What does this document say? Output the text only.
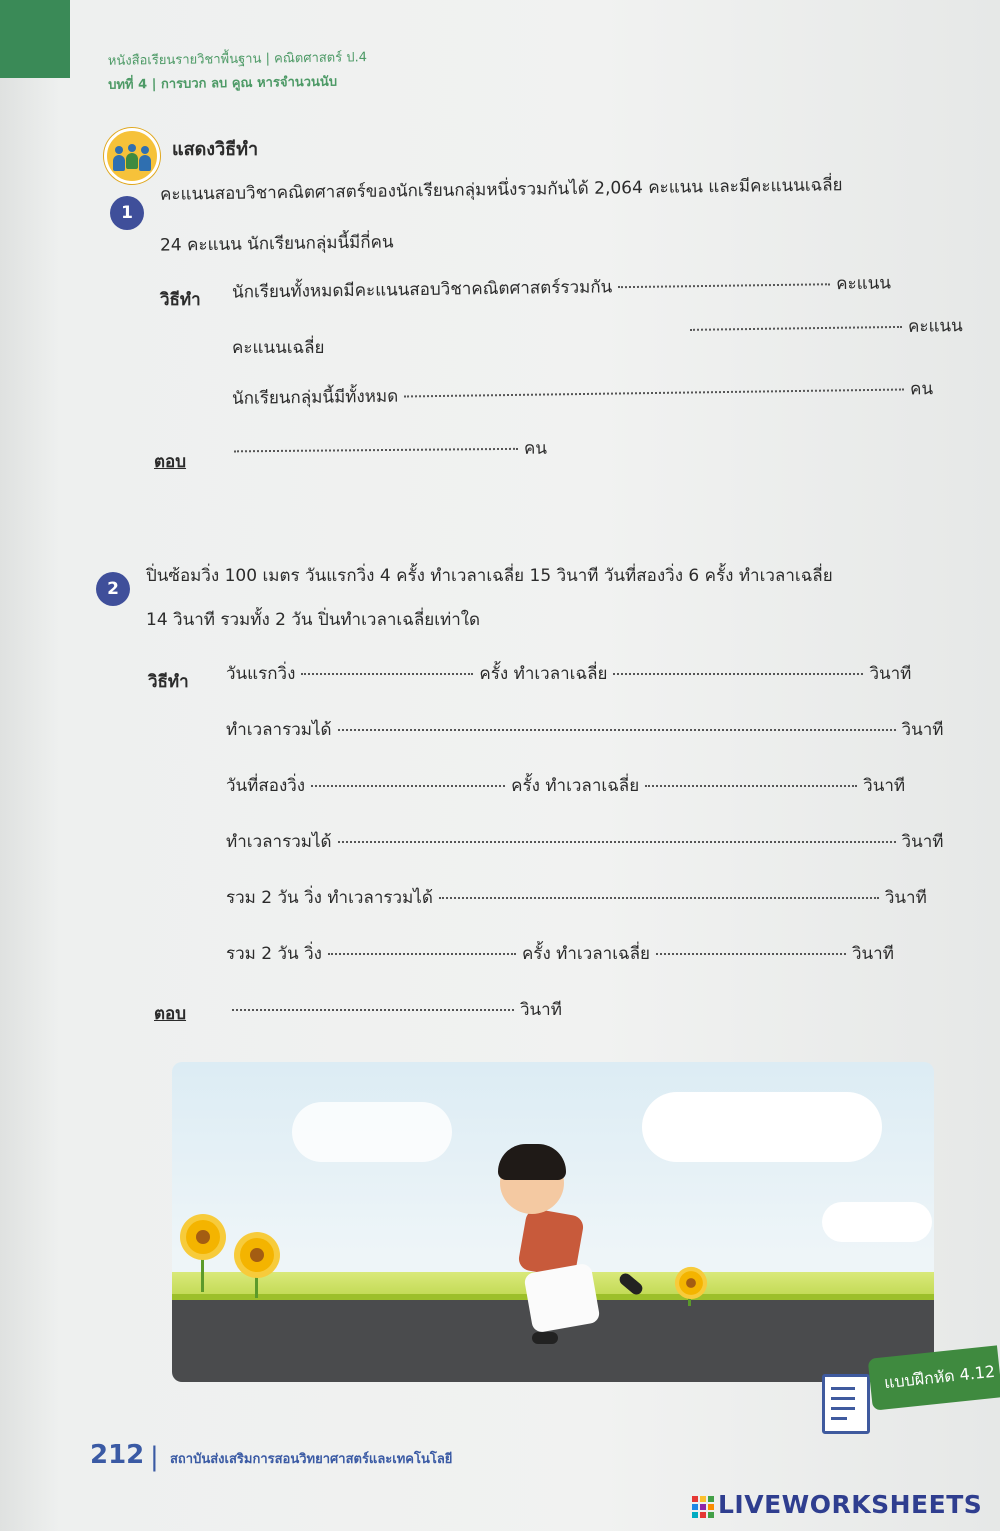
หนังสือเรียนรายวิชาพื้นฐาน | คณิตศาสตร์ ป.4
บทที่ 4 | การบวก ลบ คูณ หารจำนวนนับ
แสดงวิธีทำ
1
คะแนนสอบวิชาคณิตศาสตร์ของนักเรียนกลุ่มหนึ่งรวมกันได้ 2,064 คะแนน และมีคะแนนเฉลี่ย
24 คะแนน นักเรียนกลุ่มนี้มีกี่คน
วิธีทำ นักเรียนทั้งหมดมีคะแนนสอบวิชาคณิตศาสตร์รวมกัน	คะแนน
คะแนน
คะแนนเฉลี่ย
นักเรียนกลุ่มนี้มีทั้งหมด	คน
ตอบ
คน
2
ปิ่นซ้อมวิ่ง 100 เมตร วันแรกวิ่ง 4 ครั้ง ทำเวลาเฉลี่ย 15 วินาที วันที่สองวิ่ง 6 ครั้ง ทำเวลาเฉลี่ย
14 วินาที รวมทั้ง 2 วัน ปิ่นทำเวลาเฉลี่ยเท่าใด
วิธีทำ วันแรกวิ่ง	ครั้ง ทำเวลาเฉลี่ย	วินาที
ทำเวลารวมได้	วินาที
วันที่สองวิ่ง	ครั้ง ทำเวลาเฉลี่ย	วินาที
ทำเวลารวมได้	วินาที
รวม 2 วัน วิ่ง ทำเวลารวมได้	วินาที
รวม 2 วัน วิ่ง	ครั้ง ทำเวลาเฉลี่ย	วินาที
ตอบ	วินาที
แบบฝึกหัด 4.12
212 | สถาบันส่งเสริมการสอนวิทยาศาสตร์และเทคโนโลยี
LIVEWORKSHEETS
